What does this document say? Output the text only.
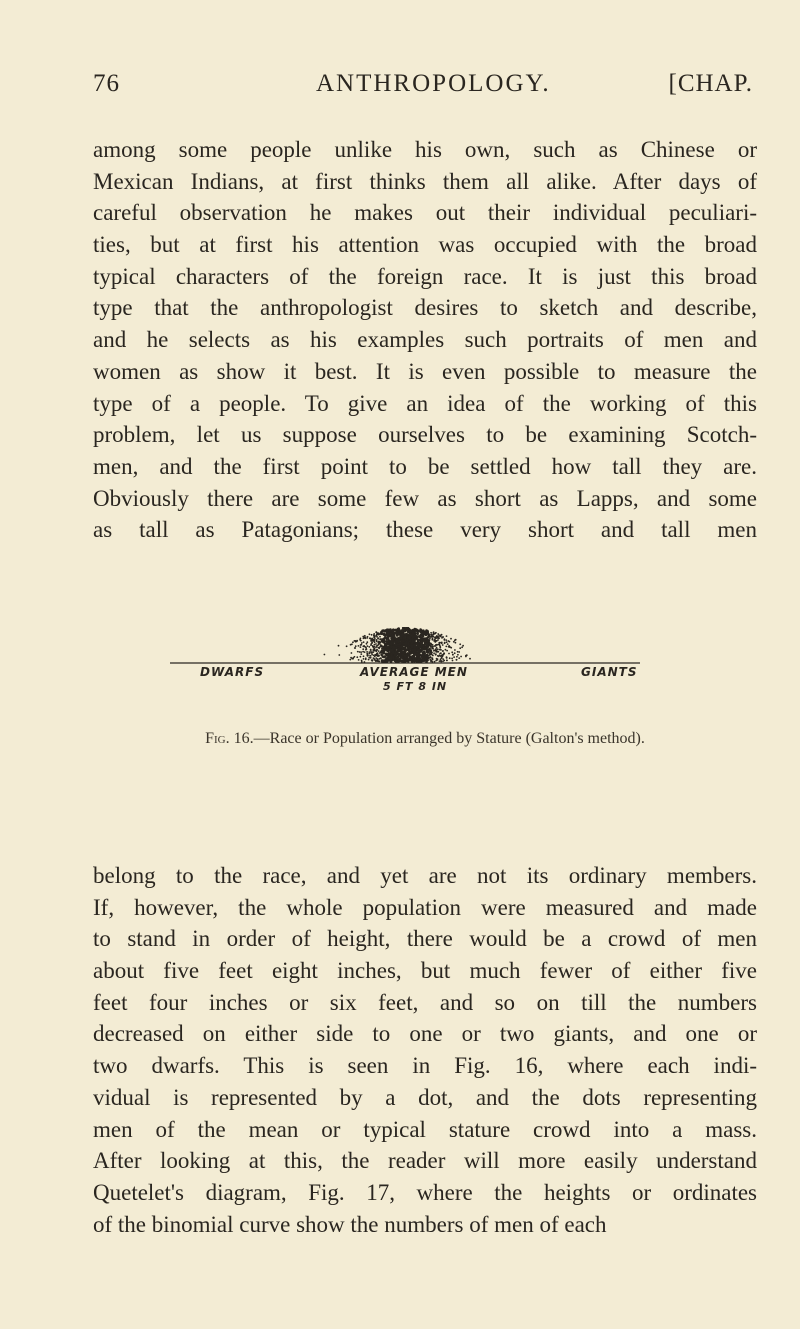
76	ANTHROPOLOGY.	[CHAP.
among some people unlike his own, such as Chinese or
Mexican Indians, at first thinks them all alike. After days of
careful observation he makes out their individual peculiari-
ties, but at first his attention was occupied with the broad
typical characters of the foreign race. It is just this broad
type that the anthropologist desires to sketch and describe,
and he selects as his examples such portraits of men and
women as show it best. It is even possible to measure the
type of a people. To give an idea of the working of this
problem, let us suppose ourselves to be examining Scotch-
men, and the first point to be settled how tall they are.
Obviously there are some few as short as Lapps, and some
as tall as Patagonians; these very short and tall men
DWARFS	AVERAGE MEN
5 FT 8 IN
GIANTS
Fig. 16.—Race or Population arranged by Stature (Galton's method).
belong to the race, and yet are not its ordinary members.
If, however, the whole population were measured and made
to stand in order of height, there would be a crowd of men
about five feet eight inches, but much fewer of either five
feet four inches or six feet, and so on till the numbers
decreased on either side to one or two giants, and one or
two dwarfs. This is seen in Fig. 16, where each indi-
vidual is represented by a dot, and the dots representing
men of the mean or typical stature crowd into a mass.
After looking at this, the reader will more easily understand
Quetelet's diagram, Fig. 17, where the heights or ordinates
of the binomial curve show the numbers of men of each
